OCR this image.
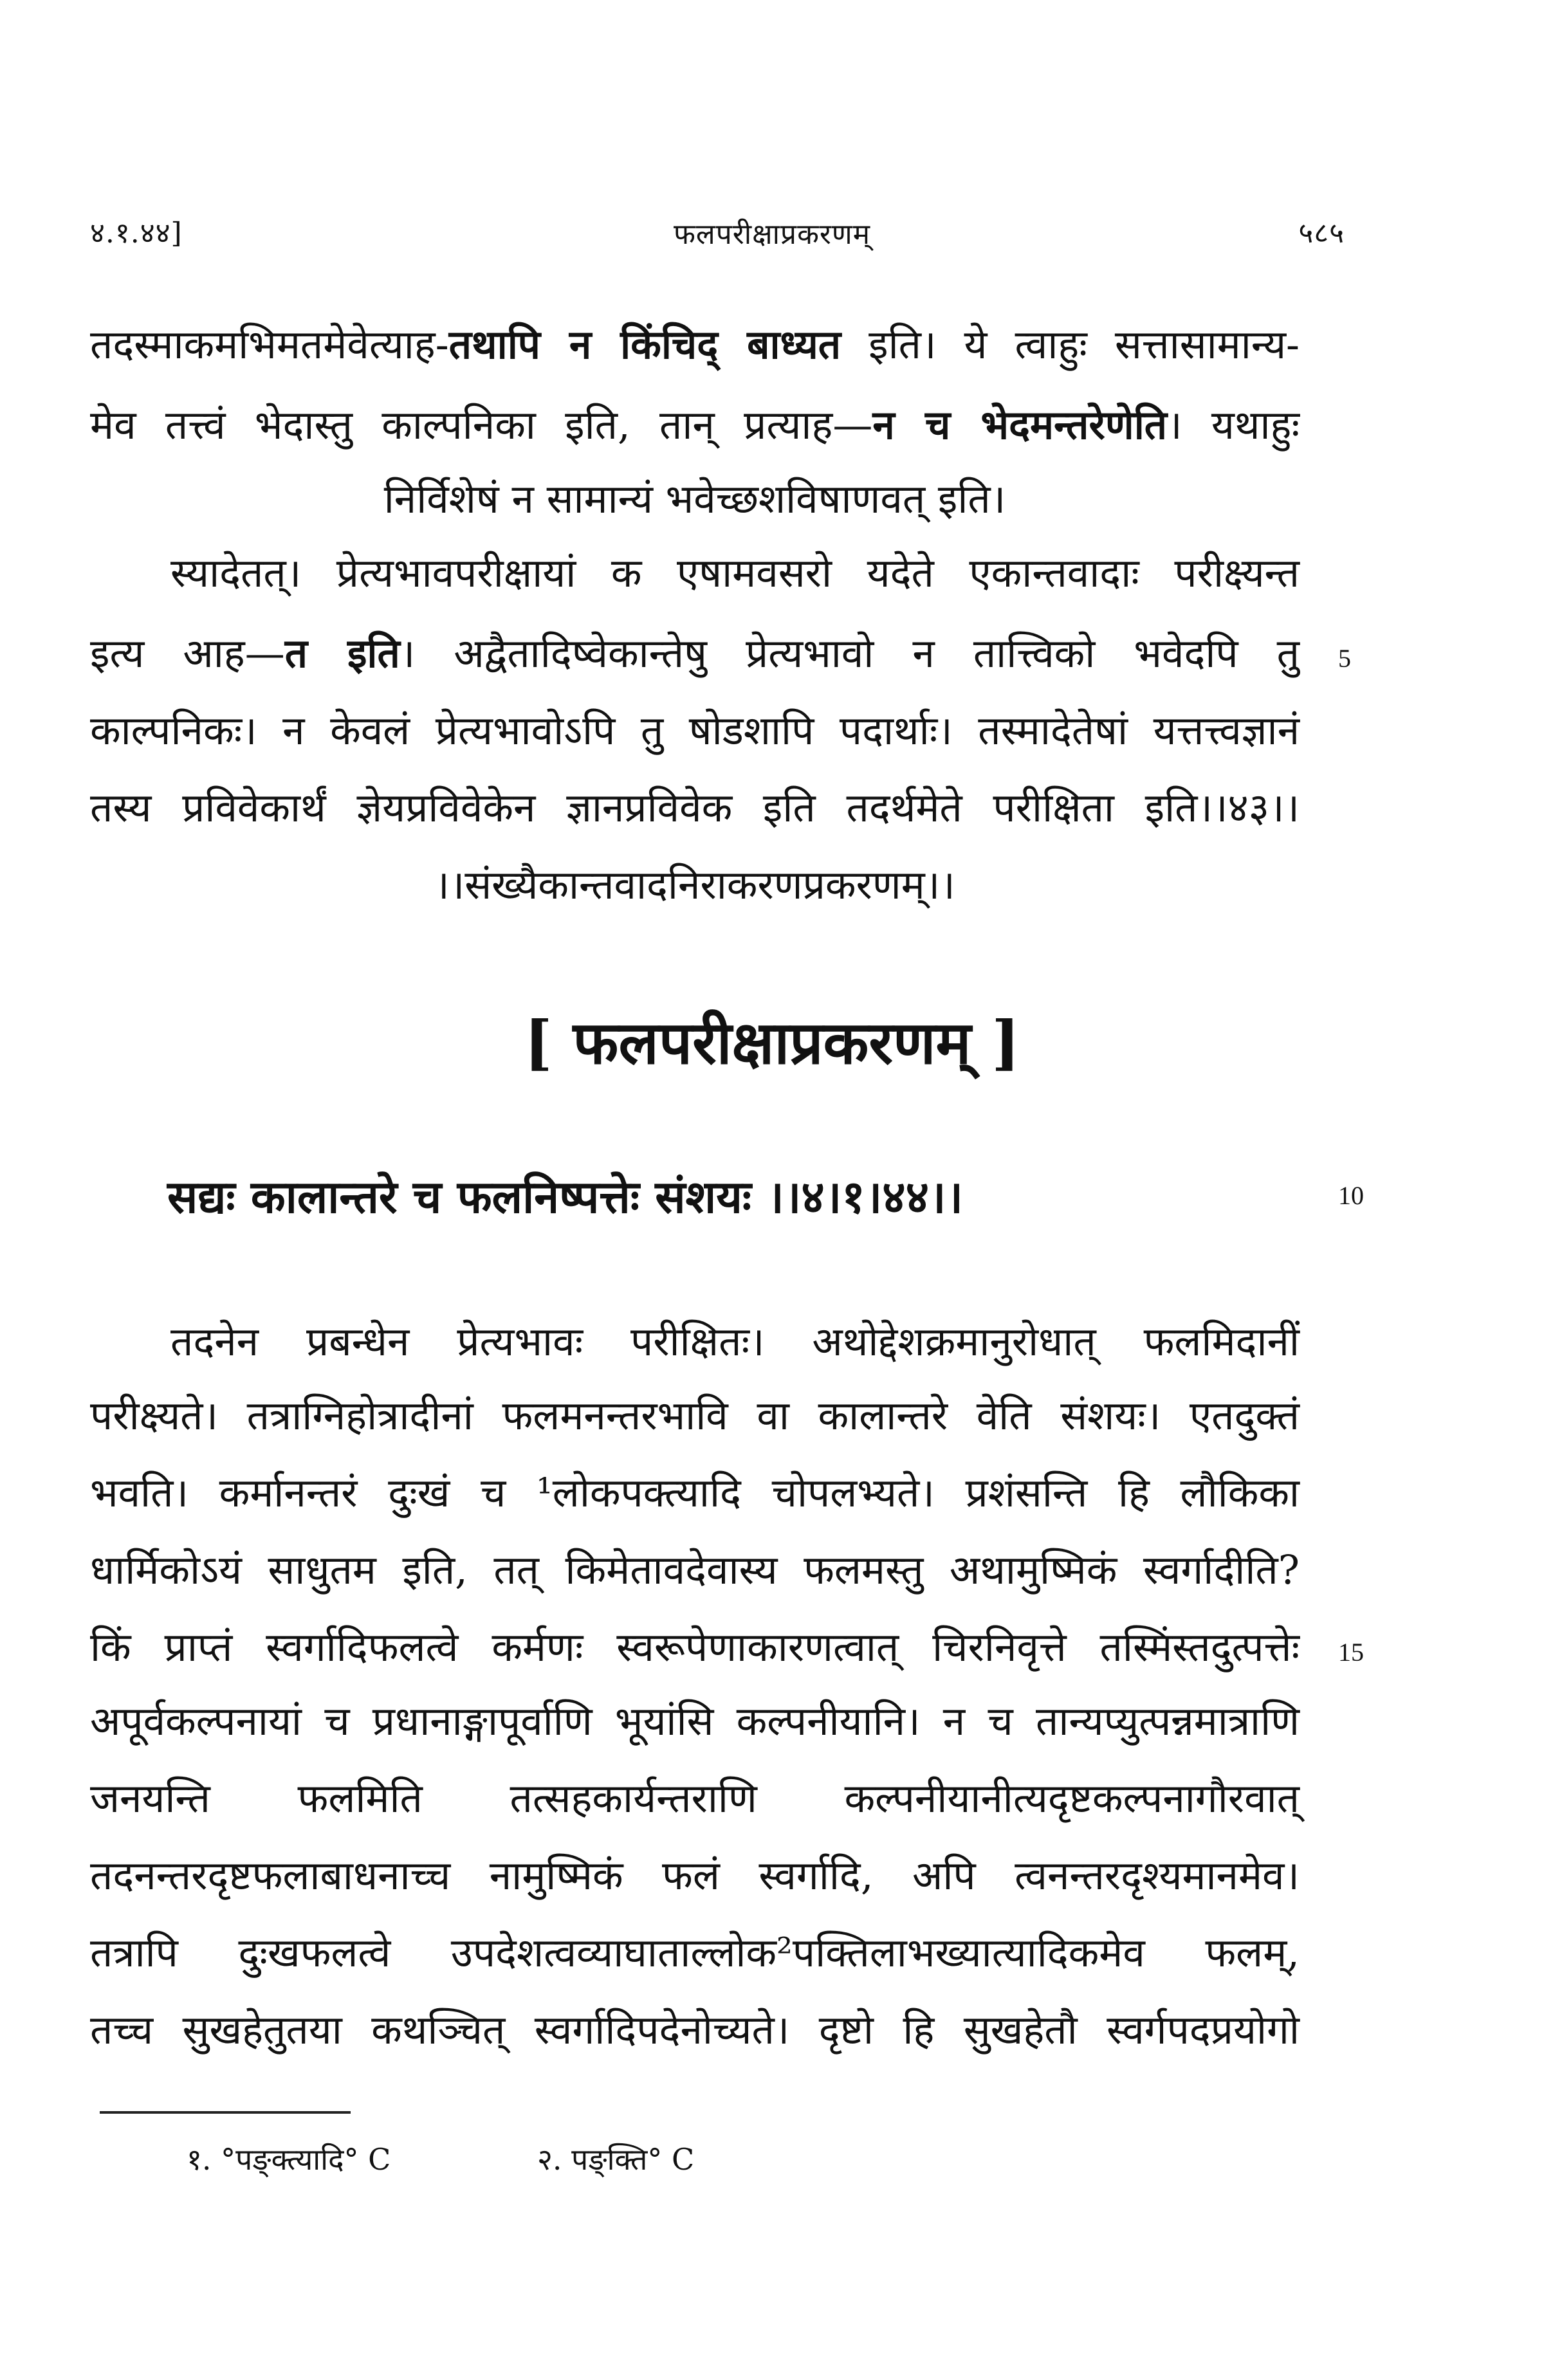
४.१.४४]	फलपरीक्षाप्रकरणम्	५८५
तदस्माकमभिमतमेवेत्याह-तथापि न किंचिद् बाध्यत इति। ये त्वाहुः सत्तासामान्य-
मेव तत्त्वं भेदास्तु काल्पनिका इति, तान् प्रत्याह—न च भेदमन्तरेणेति। यथाहुः
निर्विशेषं न सामान्यं भवेच्छशविषाणवत् इति।
स्यादेतत्। प्रेत्यभावपरीक्षायां क एषामवसरो यदेते एकान्तवादाः परीक्ष्यन्त
इत्य आह—त इति। अद्वैतादिष्वेकान्तेषु प्रेत्यभावो न तात्त्विको भवेदपि तु 5
काल्पनिकः। न केवलं प्रेत्यभावोऽपि तु षोडशापि पदार्थाः। तस्मादेतेषां यत्तत्त्वज्ञानं
तस्य प्रविवेकार्थं ज्ञेयप्रविवेकेन ज्ञानप्रविवेक इति तदर्थमेते परीक्षिता इति।।४३।।
।।संख्यैकान्तवादनिराकरणप्रकरणम्।।
[ फलपरीक्षाप्रकरणम् ]
सद्यः कालान्तरे च फलनिष्पत्तेः संशयः ।।४।१।४४।।	10
तदनेन प्रबन्धेन प्रेत्यभावः परीक्षितः। अथोद्देशक्रमानुरोधात् फलमिदानीं
परीक्ष्यते। तत्राग्निहोत्रादीनां फलमनन्तरभावि वा कालान्तरे वेति संशयः। एतदुक्तं
भवति। कर्मानन्तरं दुःखं च ¹लोकपक्त्यादि चोपलभ्यते। प्रशंसन्ति हि लौकिका
धार्मिकोऽयं साधुतम इति, तत् किमेतावदेवास्य फलमस्तु अथामुष्मिकं स्वर्गादीति?
किं प्राप्तं स्वर्गादिफलत्वे कर्मणः स्वरूपेणाकारणत्वात् चिरनिवृत्ते तस्मिंस्तदुत्पत्तेः 15
अपूर्वकल्पनायां च प्रधानाङ्गापूर्वाणि भूयांसि कल्पनीयानि। न च तान्यप्युत्पन्नमात्राणि
जनयन्ति फलमिति तत्सहकार्यन्तराणि कल्पनीयानीत्यदृष्टकल्पनागौरवात्
तदनन्तरदृष्टफलाबाधनाच्च नामुष्मिकं फलं स्वर्गादि, अपि त्वनन्तरदृश्यमानमेव।
तत्रापि दुःखफलत्वे उपदेशत्वव्याघाताल्लोक²पक्तिलाभख्यात्यादिकमेव फलम्,
तच्च सुखहेतुतया कथञ्चित् स्वर्गादिपदेनोच्यते। दृष्टो हि सुखहेतौ स्वर्गपदप्रयोगो
१. °पङ्क्त्यादि° C	२. पङ्क्ति° C
